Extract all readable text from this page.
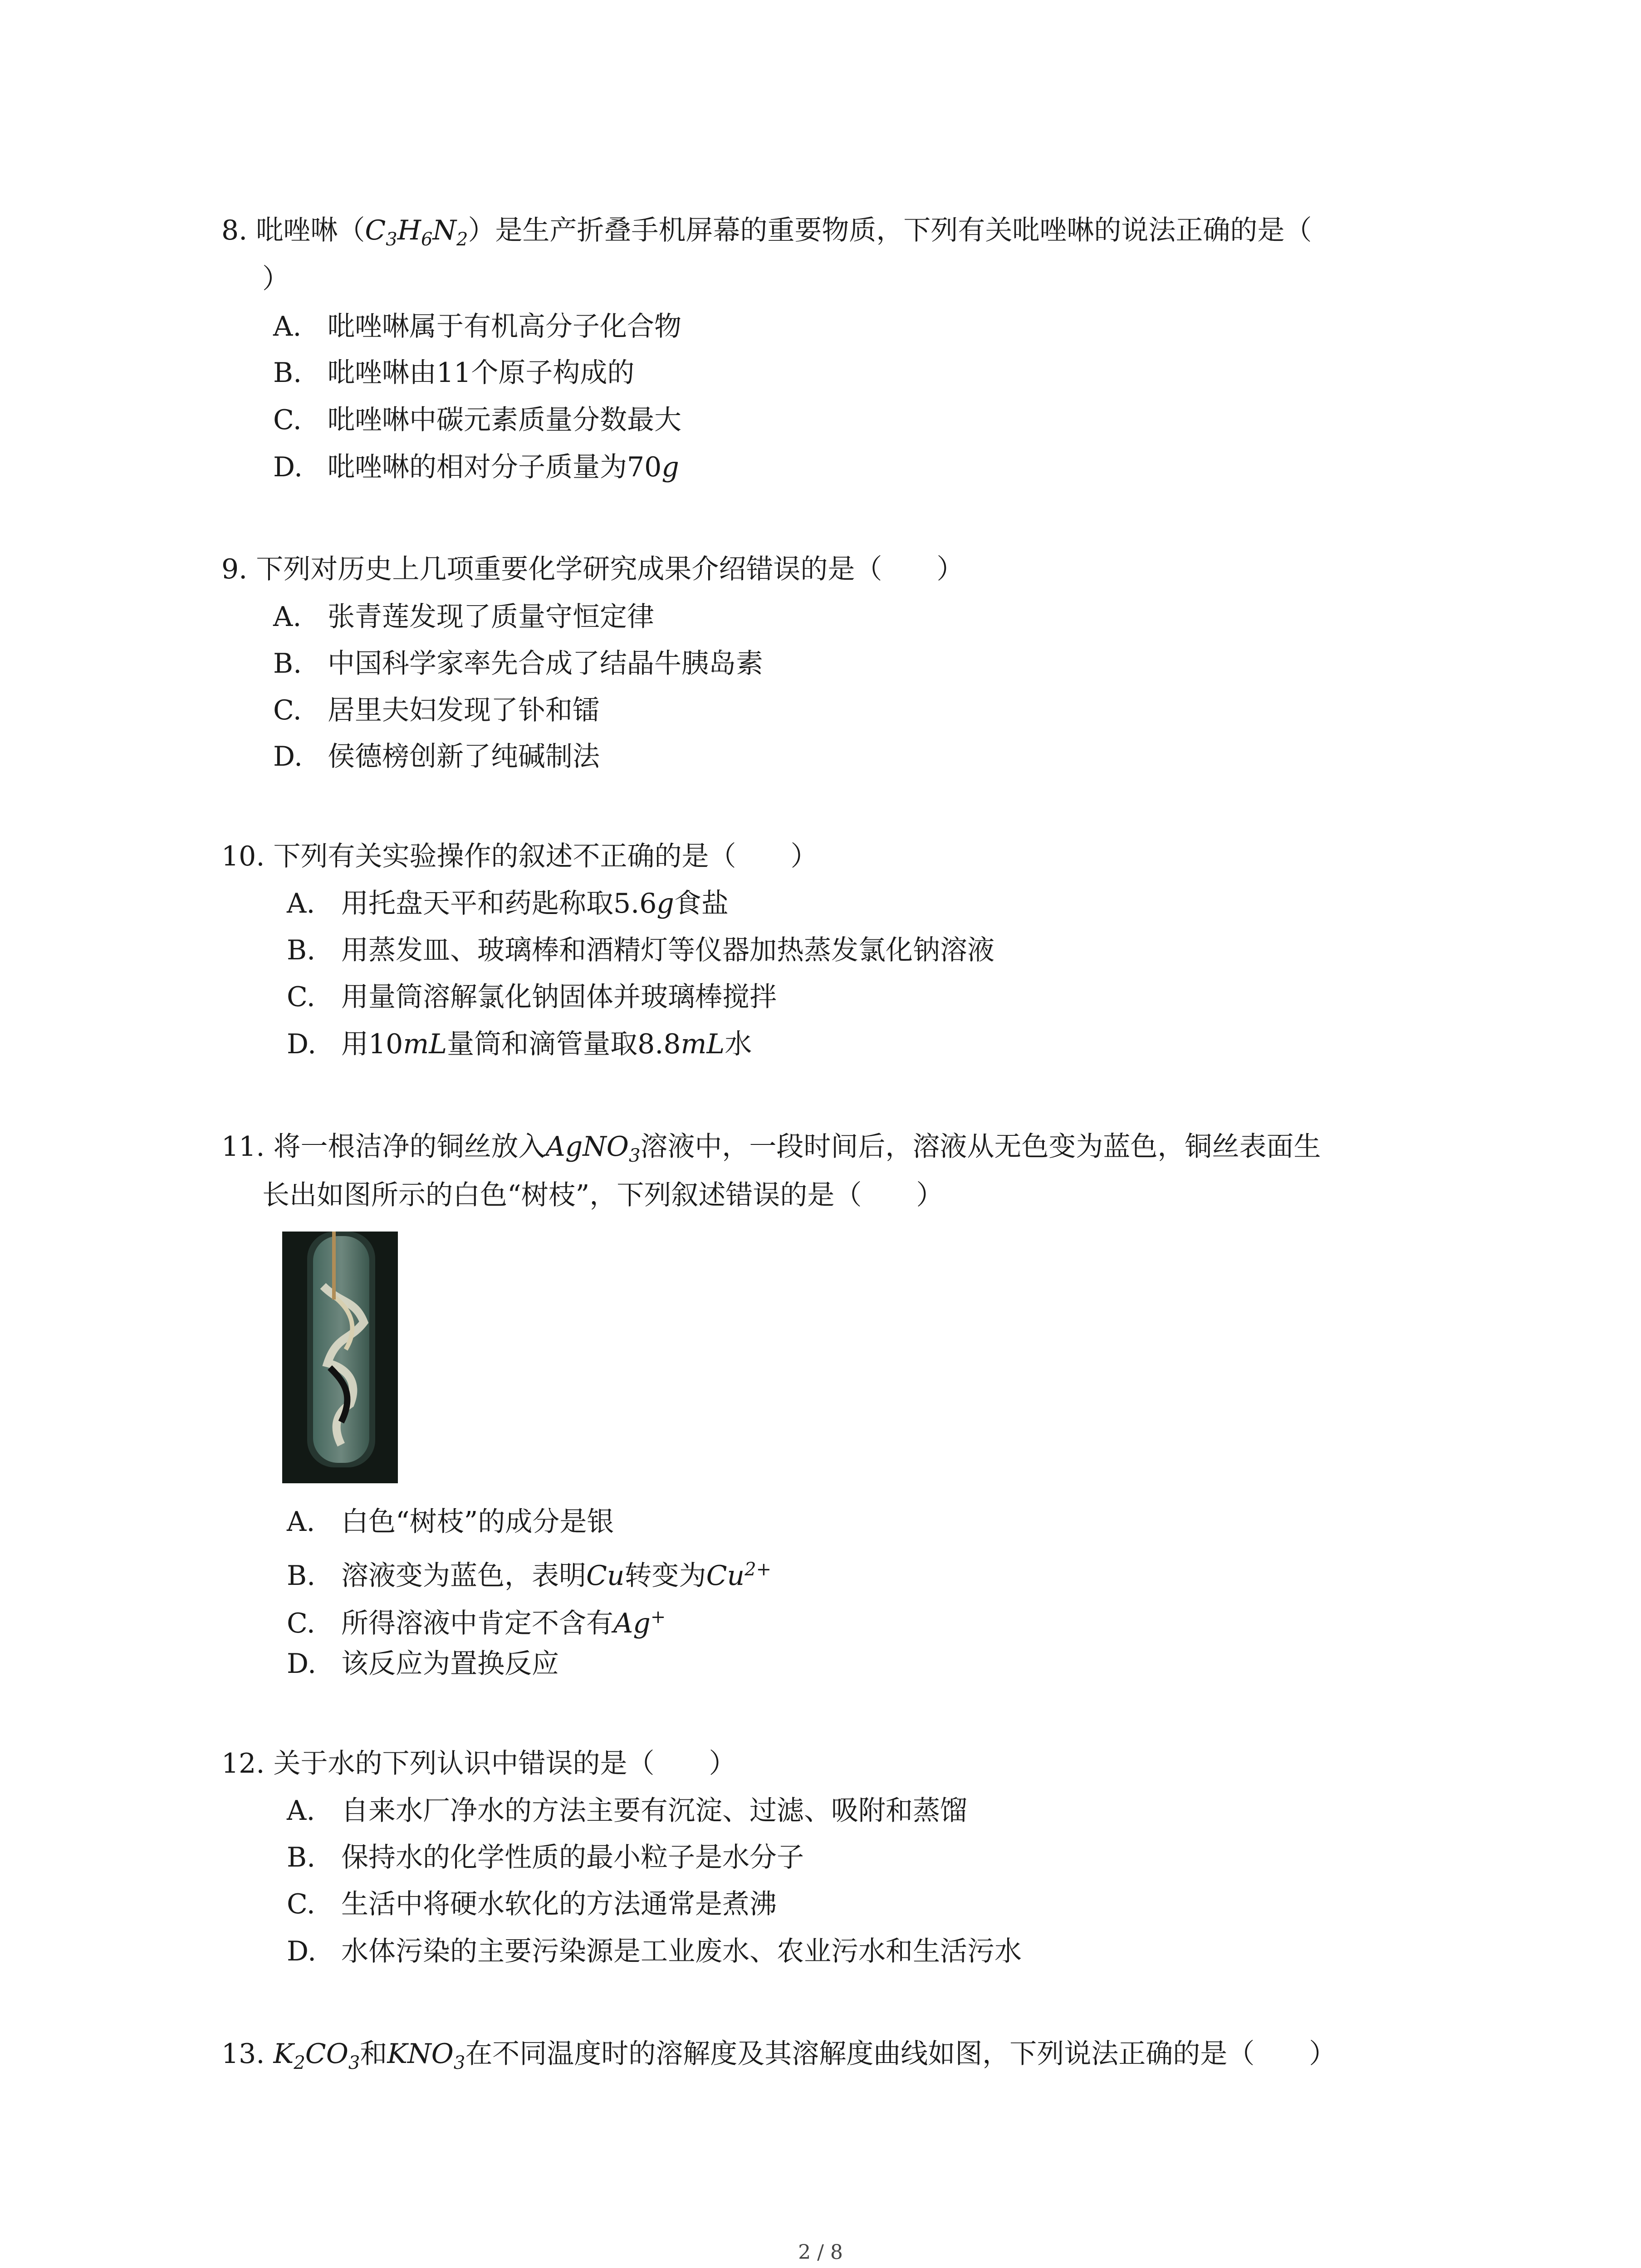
8. 吡唑啉$(C_3H_6N_2)$是生产折叠手机屏幕的重要物质，下列有关吡唑啉的说法正确的是（
）
A. 吡唑啉属于有机高分子化合物
B. 吡唑啉由11个原子构成的
C. 吡唑啉中碳元素质量分数最大
D. 吡唑啉的相对分子质量为70g
9. 下列对历史上几项重要化学研究成果介绍错误的是（　　）
A. 张青莲发现了质量守恒定律
B. 中国科学家率先合成了结晶牛胰岛素
C. 居里夫妇发现了钋和镭
D. 侯德榜创新了纯碱制法
10. 下列有关实验操作的叙述不正确的是（　　）
A. 用托盘天平和药匙称取5.6g食盐
B. 用蒸发皿、玻璃棒和酒精灯等仪器加热蒸发氯化钠溶液
C. 用量筒溶解氯化钠固体并玻璃棒搅拌
D. 用10mL量筒和滴管量取8.8mL水
11. 将一根洁净的铜丝放入AgNO$_3$溶液中，一段时间后，溶液从无色变为蓝色，铜丝表面生
长出如图所示的白色“树枝”，下列叙述错误的是（　　）
A. 白色“树枝”的成分是银
B. 溶液变为蓝色，表明Cu转变为$Cu^{2+}$
C. 所得溶液中肯定不含有Ag+
D. 该反应为置换反应
12. 关于水的下列认识中错误的是（　　）
A. 自来水厂净水的方法主要有沉淀、过滤、吸附和蒸馏
B. 保持水的化学性质的最小粒子是水分子
C. 生活中将硬水软化的方法通常是煮沸
D. 水体污染的主要污染源是工业废水、农业污水和生活污水
13. $K_2CO_3$和$KNO_3$在不同温度时的溶解度及其溶解度曲线如图，下列说法正确的是（　　）
2 / 8
